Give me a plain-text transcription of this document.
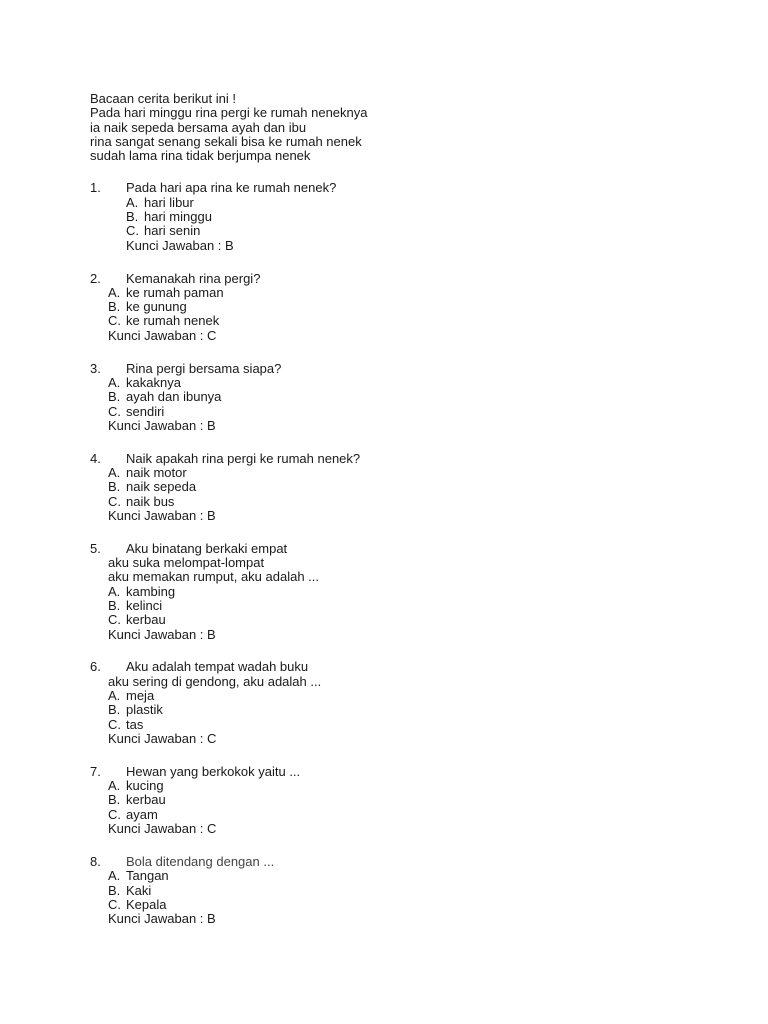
Bacaan cerita berikut ini !
Pada hari minggu rina pergi ke rumah neneknya
ia naik sepeda bersama ayah dan ibu
rina sangat senang sekali bisa ke rumah nenek
sudah lama rina tidak berjumpa nenek
1. Pada hari apa rina ke rumah nenek?
A. hari libur
B. hari minggu
C. hari senin
Kunci Jawaban : B
2. Kemanakah rina pergi?
A. ke rumah paman
B. ke gunung
C. ke rumah nenek
Kunci Jawaban : C
3. Rina pergi bersama siapa?
A. kakaknya
B. ayah dan ibunya
C. sendiri
Kunci Jawaban : B
4. Naik apakah rina pergi ke rumah nenek?
A. naik motor
B. naik sepeda
C. naik bus
Kunci Jawaban : B
5. Aku binatang berkaki empat
aku suka melompat-lompat
aku memakan rumput, aku adalah ...
A. kambing
B. kelinci
C. kerbau
Kunci Jawaban : B
6. Aku adalah tempat wadah buku
aku sering di gendong, aku adalah ...
A. meja
B. plastik
C. tas
Kunci Jawaban : C
7. Hewan yang berkokok yaitu ...
A. kucing
B. kerbau
C. ayam
Kunci Jawaban : C
8. Bola ditendang dengan ...
A. Tangan
B. Kaki
C. Kepala
Kunci Jawaban : B
